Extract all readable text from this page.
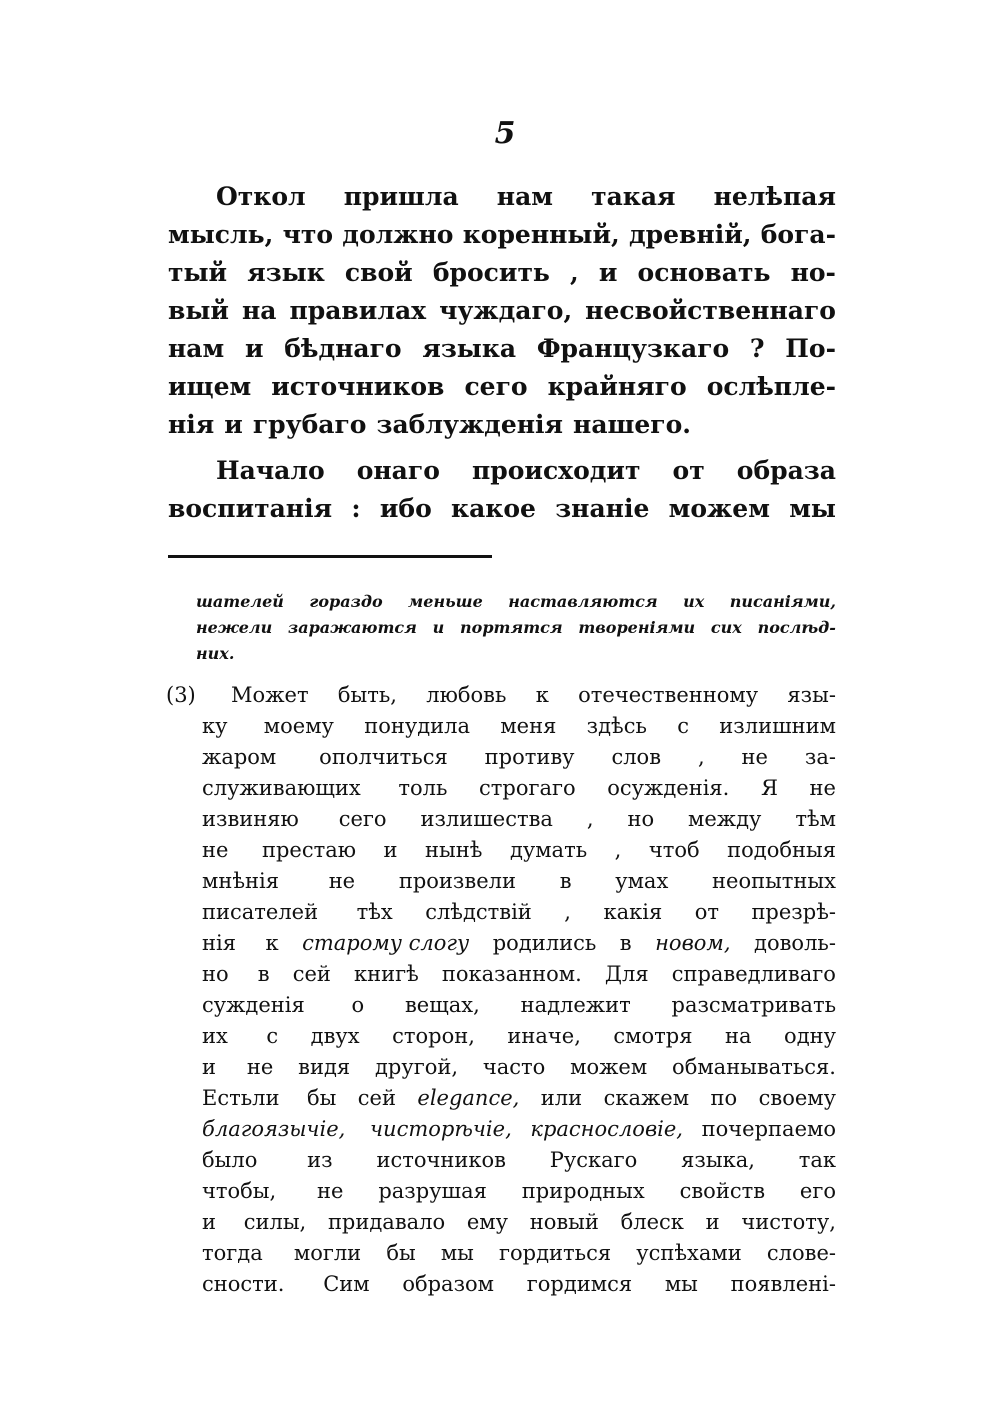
5
Откол пришла нам такая нелѣпая
мысль, что должно коренный, древній, бога-
тый язык свой бросить , и основать но-
вый на правилах чуждаго, несвойственнаго
нам и бѣднаго языка Французкаго ? По-
ищем источников сего крайняго ослѣпле-
нія и грубаго заблужденія нашего.
Начало онаго происходит от образа
воспитанія : ибо какое знаніе можем мы
шателей гораздо меньше наставляются их писаніями,
нежели заражаются и портятся твореніями сих послѣд-
них.
(3) Может быть, любовь к отечественному язы-
ку моему понудила меня здѣсь с излишним
жаром ополчиться противу слов , не за-
служивающих толь строгаго осужденія. Я не
извиняю сего излишества , но между тѣм
не престаю и нынѣ думать , чтоб подобныя
мнѣнія не произвели в умах неопытных
писателей тѣх слѣдствій , какія от презрѣ-
нія к старому слогу родились в новом, доволь-
но в сей книгѣ показанном. Для справедливаго
сужденія о вещах, надлежит разсматривать
их с двух сторон, иначе, смотря на одну
и не видя другой, часто можем обманываться.
Естьли бы сей elegance, или скажем по своему
благоязычіе, чистоpѣчіе, краснословіе, почерпаемо
было из источников Рускаго языка, так
чтобы, не разрушая природных свойств его
и силы, придавало ему новый блеск и чистоту,
тогда могли бы мы гордиться успѣхами слове-
сности. Сим образом гордимся мы появлені-
